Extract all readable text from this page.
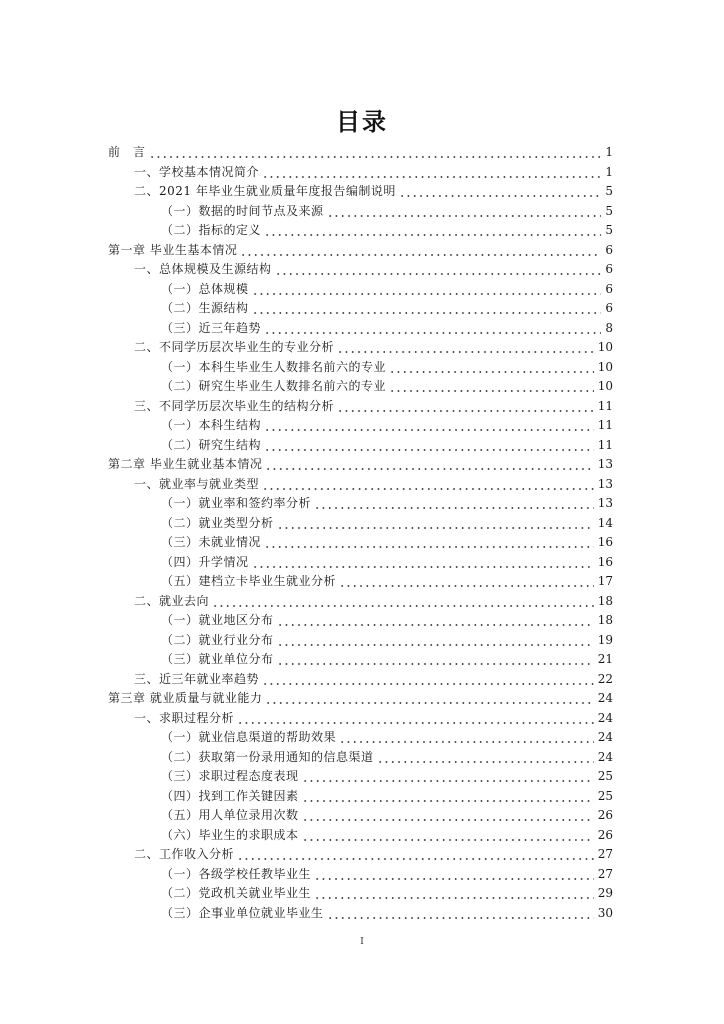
目录
前　言	1
一、学校基本情况简介	1
二、2021 年毕业生就业质量年度报告编制说明	5
（一）数据的时间节点及来源	5
（二）指标的定义	5
第一章 毕业生基本情况	6
一、总体规模及生源结构	6
（一）总体规模	6
（二）生源结构	6
（三）近三年趋势	8
二、不同学历层次毕业生的专业分析	10
（一）本科生毕业生人数排名前六的专业	10
（二）研究生毕业生人数排名前六的专业	10
三、不同学历层次毕业生的结构分析	11
（一）本科生结构	11
（二）研究生结构	11
第二章 毕业生就业基本情况	13
一、就业率与就业类型	13
（一）就业率和签约率分析	13
（二）就业类型分析	14
（三）未就业情况	16
（四）升学情况	16
（五）建档立卡毕业生就业分析	17
二、就业去向	18
（一）就业地区分布	18
（二）就业行业分布	19
（三）就业单位分布	21
三、近三年就业率趋势	22
第三章 就业质量与就业能力	24
一、求职过程分析	24
（一）就业信息渠道的帮助效果	24
（二）获取第一份录用通知的信息渠道	24
（三）求职过程态度表现	25
（四）找到工作关键因素	25
（五）用人单位录用次数	26
（六）毕业生的求职成本	26
二、工作收入分析	27
（一）各级学校任教毕业生	27
（二）党政机关就业毕业生	29
（三）企事业单位就业毕业生	30
I
